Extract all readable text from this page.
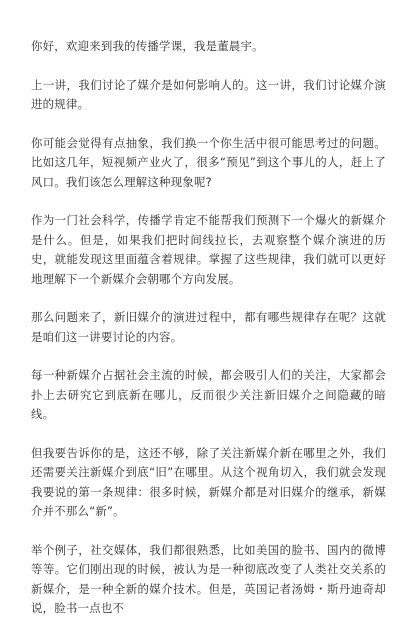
你好，欢迎来到我的传播学课，我是董晨宇。

上一讲，我们讨论了媒介是如何影响人的。这一讲，我们讨论媒介演进的规律。

你可能会觉得有点抽象，我们换一个你生活中很可能思考过的问题。比如这几年，短视频产业火了，很多“预见”到这个事儿的人，赶上了风口。我们该怎么理解这种现象呢?

作为一门社会科学，传播学肯定不能帮我们预测下一个爆火的新媒介是什么。但是，如果我们把时间线拉长，去观察整个媒介演进的历史，就能发现这里面蕴含着规律。掌握了这些规律，我们就可以更好地理解下一个新媒介会朝哪个方向发展。

那么问题来了，新旧媒介的演进过程中，都有哪些规律存在呢？这就是咱们这一讲要讨论的内容。

每一种新媒介占据社会主流的时候，都会吸引人们的关注，大家都会扑上去研究它到底新在哪儿，反而很少关注新旧媒介之间隐藏的暗线。

但我要告诉你的是，这还不够，除了关注新媒介新在哪里之外，我们还需要关注新媒介到底“旧”在哪里。从这个视角切入，我们就会发现我要说的第一条规律：很多时候，新媒介都是对旧媒介的继承，新媒介并不那么“新”。

举个例子，社交媒体，我们都很熟悉，比如美国的脸书、国内的微博等等。它们刚出现的时候，被认为是一种彻底改变了人类社交关系的新媒介，是一种全新的媒介技术。但是，英国记者汤姆・斯丹迪奇却说，脸书一点也不
